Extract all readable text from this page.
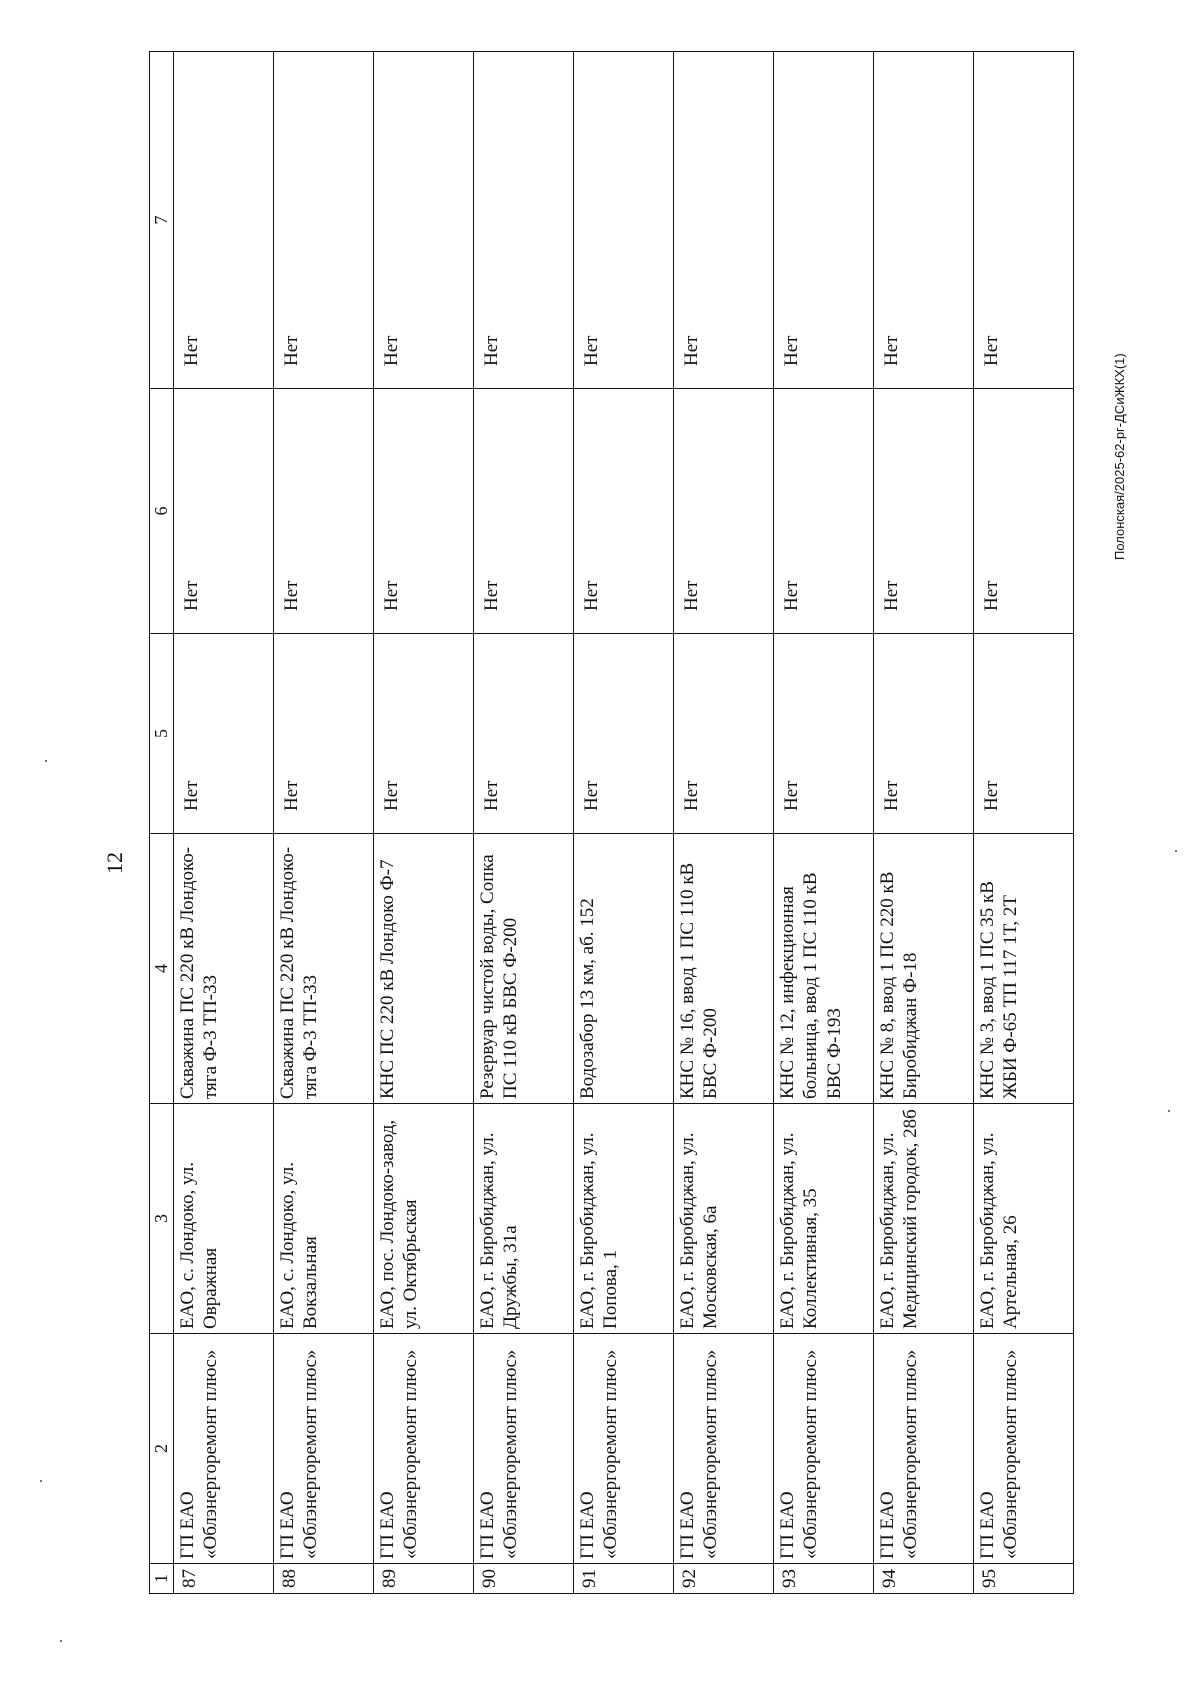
12
1	2	3	4	5	6	7
87	ГП ЕАО «Облэнергоремонт плюс»	ЕАО, с. Лондоко, ул. Овражная	Скважина ПС 220 кВ Лондоко-тяга Ф-3 ТП-33	Нет	Нет	Нет
88	ГП ЕАО «Облэнергоремонт плюс»	ЕАО, с. Лондоко, ул. Вокзальная	Скважина ПС 220 кВ Лондоко-тяга Ф-3 ТП-33	Нет	Нет	Нет
89	ГП ЕАО «Облэнергоремонт плюс»	ЕАО, пос. Лондоко-завод, ул. Октябрьская	КНС ПС 220 кВ Лондоко Ф-7	Нет	Нет	Нет
90	ГП ЕАО «Облэнергоремонт плюс»	ЕАО, г. Биробиджан, ул. Дружбы, 31а	Резервуар чистой воды, Сопка ПС 110 кВ БВС Ф-200	Нет	Нет	Нет
91	ГП ЕАО «Облэнергоремонт плюс»	ЕАО, г. Биробиджан, ул. Попова, 1	Водозабор 13 км, аб. 152	Нет	Нет	Нет
92	ГП ЕАО «Облэнергоремонт плюс»	ЕАО, г. Биробиджан, ул. Московская, 6а	КНС № 16, ввод 1 ПС 110 кВ БВС Ф-200	Нет	Нет	Нет
93	ГП ЕАО «Облэнергоремонт плюс»	ЕАО, г. Биробиджан, ул. Коллективная, 35	КНС № 12, инфекционная больница, ввод 1 ПС 110 кВ БВС Ф-193	Нет	Нет	Нет
94	ГП ЕАО «Облэнергоремонт плюс»	ЕАО, г. Биробиджан, ул. Медицинский городок, 28б	КНС № 8, ввод 1 ПС 220 кВ Биробиджан Ф-18	Нет	Нет	Нет
95	ГП ЕАО «Облэнергоремонт плюс»	ЕАО, г. Биробиджан, ул. Артельная, 26	КНС № 3, ввод 1 ПС 35 кВ ЖБИ Ф-65 ТП 117 1Т, 2Т	Нет	Нет	Нет
Полонская/2025-62-рг-ДСиЖКХ(1)
